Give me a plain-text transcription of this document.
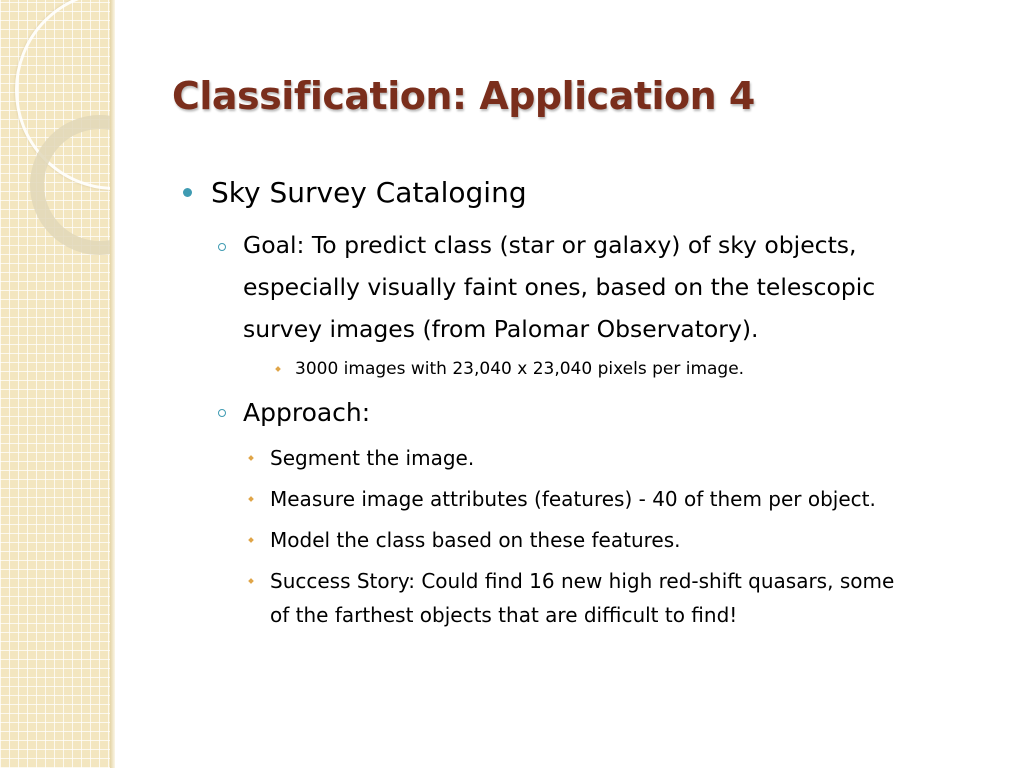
Classification: Application 4
Sky Survey Cataloging
Goal: To predict class (star or galaxy) of sky objects,
especially visually faint ones, based on the telescopic
survey images (from Palomar Observatory).
3000 images with 23,040 x 23,040 pixels per image.
Approach:
Segment the image.
Measure image attributes (features) - 40 of them per object.
Model the class based on these features.
Success Story: Could find 16 new high red-shift quasars, some
of the farthest objects that are difficult to find!
